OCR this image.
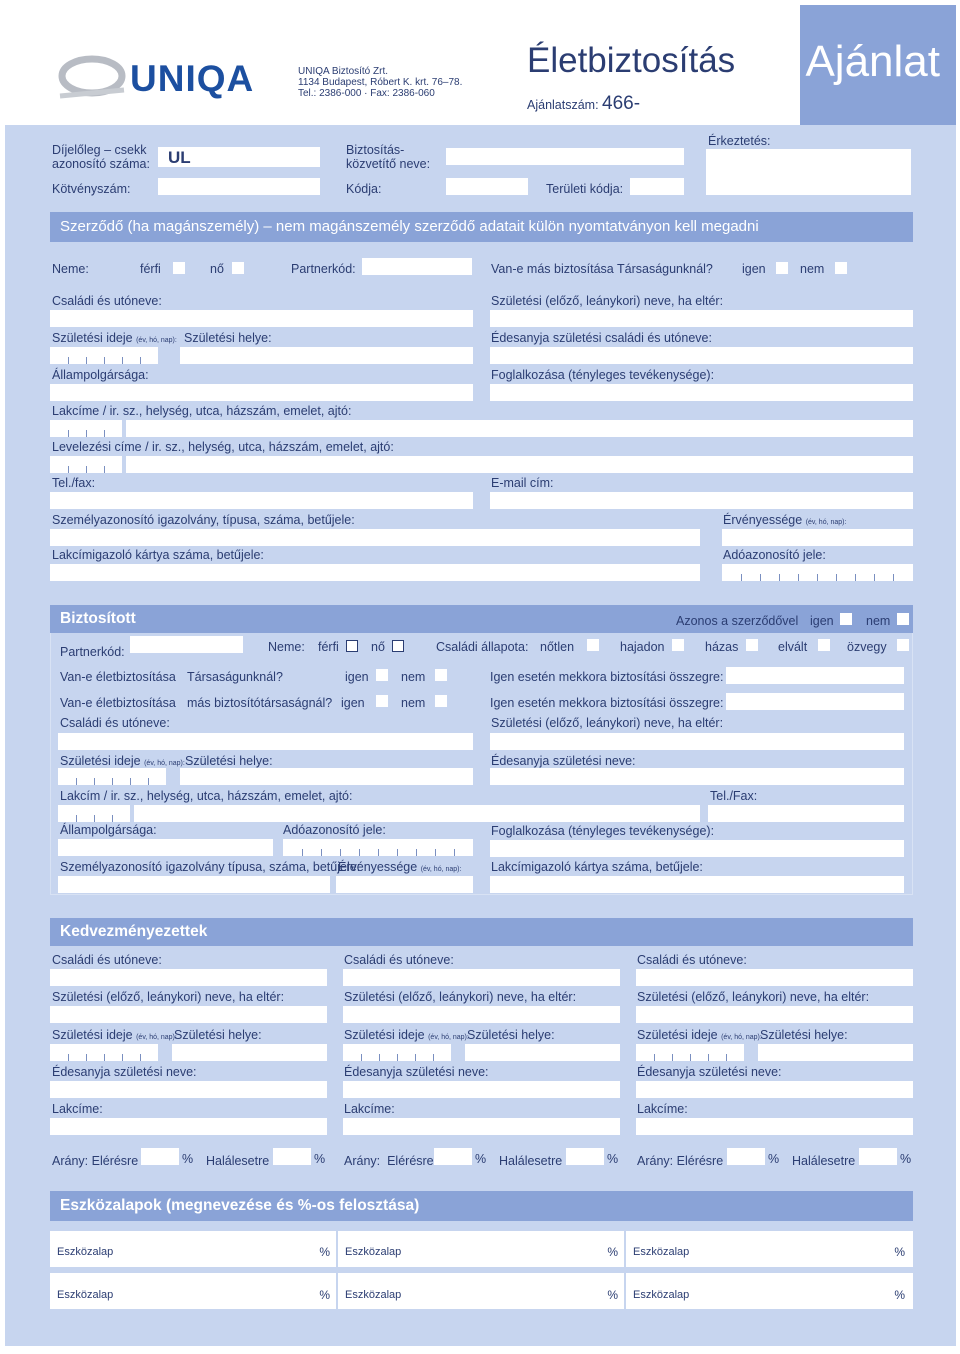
UNIQA	UNIQA Biztosító Zrt.
1134 Budapest, Róbert K. krt. 76–78.
Tel.: 2386-000 · Fax: 2386-060
Életbiztosítás
Ajánlatszám: 466-
Ajánlat
Díjelőleg – csekk
azonosító száma: UL	Biztosítás-
közvetítő neve:
Érkeztetés:
Kötvényszám:	Kódja:	Területi kódja:
Szerződő (ha magánszemély) – nem magánszemély szerződő adatait külön nyomtatványon kell megadni
Neme:	férfi	nő	Partnerkód:	Van-e más biztosítása Társaságunknál? igen	nem
Családi és utóneve:	Születési (előző, leánykori) neve, ha eltér:
Születési ideje (év, hó, nap): Születési helye:	Édesanyja születési családi és utóneve:
Állampolgársága:	Foglalkozása (tényleges tevékenysége):
Lakcíme / ir. sz., helység, utca, házszám, emelet, ajtó:
Levelezési címe / ir. sz., helység, utca, házszám, emelet, ajtó:
Tel./fax:	E-mail cím:
Személyazonosító igazolvány, típusa, száma, betűjele:	Érvényessége (év, hó, nap):
Lakcímigazoló kártya száma, betűjele:	Adóazonosító jele:
Biztosított	Azonos a szerződővel igen	nem
Partnerkód:	Neme: férfi	nő	Családi állapota: nőtlen	hajadon	házas	elvált	özvegy
Van-e életbiztosítása Társaságunknál?	igen	nem	Igen esetén mekkora biztosítási összegre:
Van-e életbiztosítása más biztosítótársaságnál? igen	nem	Igen esetén mekkora biztosítási összegre:
Családi és utóneve:	Születési (előző, leánykori) neve, ha eltér:
Születési ideje (év, hó, nap): Születési helye:	Édesanyja születési neve:
Lakcím / ir. sz., helység, utca, házszám, emelet, ajtó:	Tel./Fax:
Állampolgársága:	Adóazonosító jele:	Foglalkozása (tényleges tevékenysége):
Személyazonosító igazolvány típusa, száma, betűjele:
Érvényessége (év, hó, nap): Lakcímigazoló kártya száma, betűjele:
Kedvezményezettek
Családi és utóneve:
Születési (előző, leánykori) neve, ha eltér:
Születési ideje (év, hó, nap):
Születési helye:
Édesanyja születési neve:
Lakcíme:
Arány: Elérésre	% Halálesetre	%
Családi és utóneve:
Születési (előző, leánykori) neve, ha eltér:
Születési ideje (év, hó, nap):
Születési helye:
Édesanyja születési neve:
Lakcíme:
Arány: Elérésre	% Halálesetre	%
Családi és utóneve:
Születési (előző, leánykori) neve, ha eltér:
Születési ideje (év, hó, nap):
Születési helye:
Édesanyja születési neve:
Lakcíme:
Arány: Elérésre	% Halálesetre	%
Eszközalapok (megnevezése és %-os felosztása)
Eszközalap	% Eszközalap	% Eszközalap	%
Eszközalap	% Eszközalap	% Eszközalap	%
